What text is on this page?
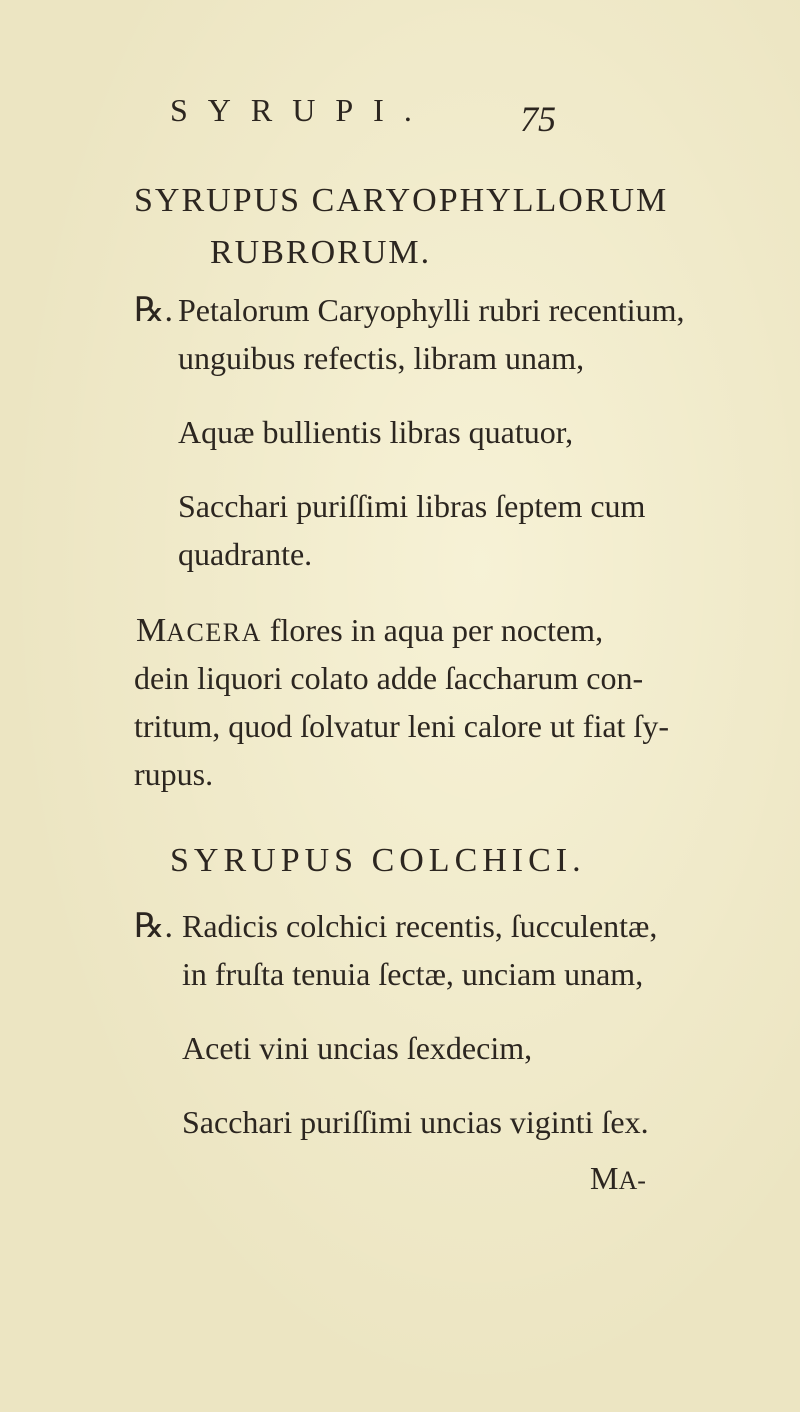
SYRUPI. 75
SYRUPUS CARYOPHYLLORUM
RUBRORUM.
℞. Petalorum Caryophylli rubri recentium,
unguibus refectis, libram unam,
Aquæ bullientis libras quatuor,
Sacchari puriſſimi libras ſeptem cum
quadrante.
MACERA flores in aqua per noctem,
dein liquori colato adde ſaccharum con-
tritum, quod ſolvatur leni calore ut fiat ſy-
rupus.
SYRUPUS COLCHICI.
℞. Radicis colchici recentis, ſucculentæ,
in fruſta tenuia ſectæ, unciam unam,
Aceti vini uncias ſexdecim,
Sacchari puriſſimi uncias viginti ſex.
MA-
